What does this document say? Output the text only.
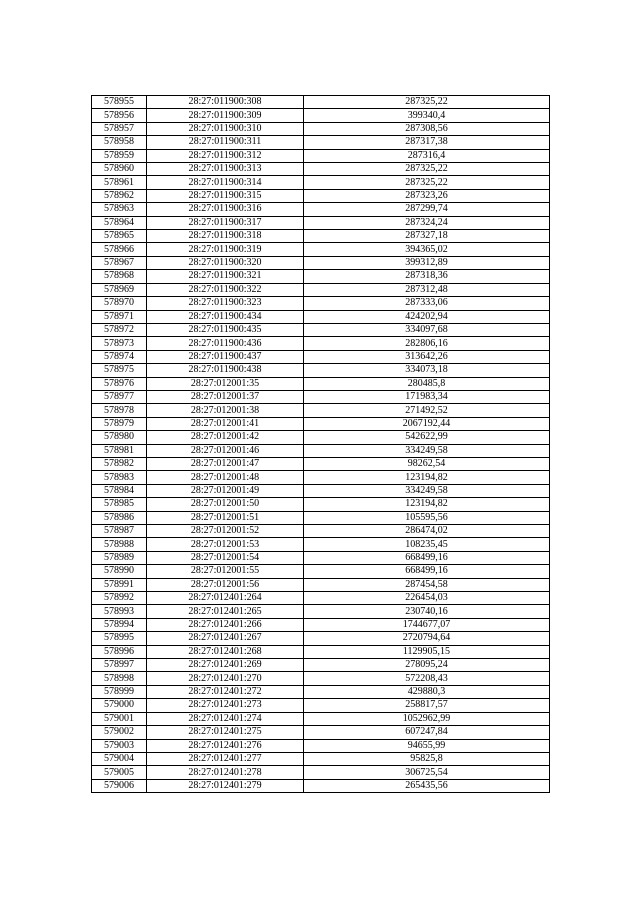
578955	28:27:011900:308	287325,22
578956	28:27:011900:309	399340,4
578957	28:27:011900:310	287308,56
578958	28:27:011900:311	287317,38
578959	28:27:011900:312	287316,4
578960	28:27:011900:313	287325,22
578961	28:27:011900:314	287325,22
578962	28:27:011900:315	287323,26
578963	28:27:011900:316	287299,74
578964	28:27:011900:317	287324,24
578965	28:27:011900:318	287327,18
578966	28:27:011900:319	394365,02
578967	28:27:011900:320	399312,89
578968	28:27:011900:321	287318,36
578969	28:27:011900:322	287312,48
578970	28:27:011900:323	287333,06
578971	28:27:011900:434	424202,94
578972	28:27:011900:435	334097,68
578973	28:27:011900:436	282806,16
578974	28:27:011900:437	313642,26
578975	28:27:011900:438	334073,18
578976	28:27:012001:35	280485,8
578977	28:27:012001:37	171983,34
578978	28:27:012001:38	271492,52
578979	28:27:012001:41	2067192,44
578980	28:27:012001:42	542622,99
578981	28:27:012001:46	334249,58
578982	28:27:012001:47	98262,54
578983	28:27:012001:48	123194,82
578984	28:27:012001:49	334249,58
578985	28:27:012001:50	123194,82
578986	28:27:012001:51	105595,56
578987	28:27:012001:52	286474,02
578988	28:27:012001:53	108235,45
578989	28:27:012001:54	668499,16
578990	28:27:012001:55	668499,16
578991	28:27:012001:56	287454,58
578992	28:27:012401:264	226454,03
578993	28:27:012401:265	230740,16
578994	28:27:012401:266	1744677,07
578995	28:27:012401:267	2720794,64
578996	28:27:012401:268	1129905,15
578997	28:27:012401:269	278095,24
578998	28:27:012401:270	572208,43
578999	28:27:012401:272	429880,3
579000	28:27:012401:273	258817,57
579001	28:27:012401:274	1052962,99
579002	28:27:012401:275	607247,84
579003	28:27:012401:276	94655,99
579004	28:27:012401:277	95825,8
579005	28:27:012401:278	306725,54
579006	28:27:012401:279	265435,56
